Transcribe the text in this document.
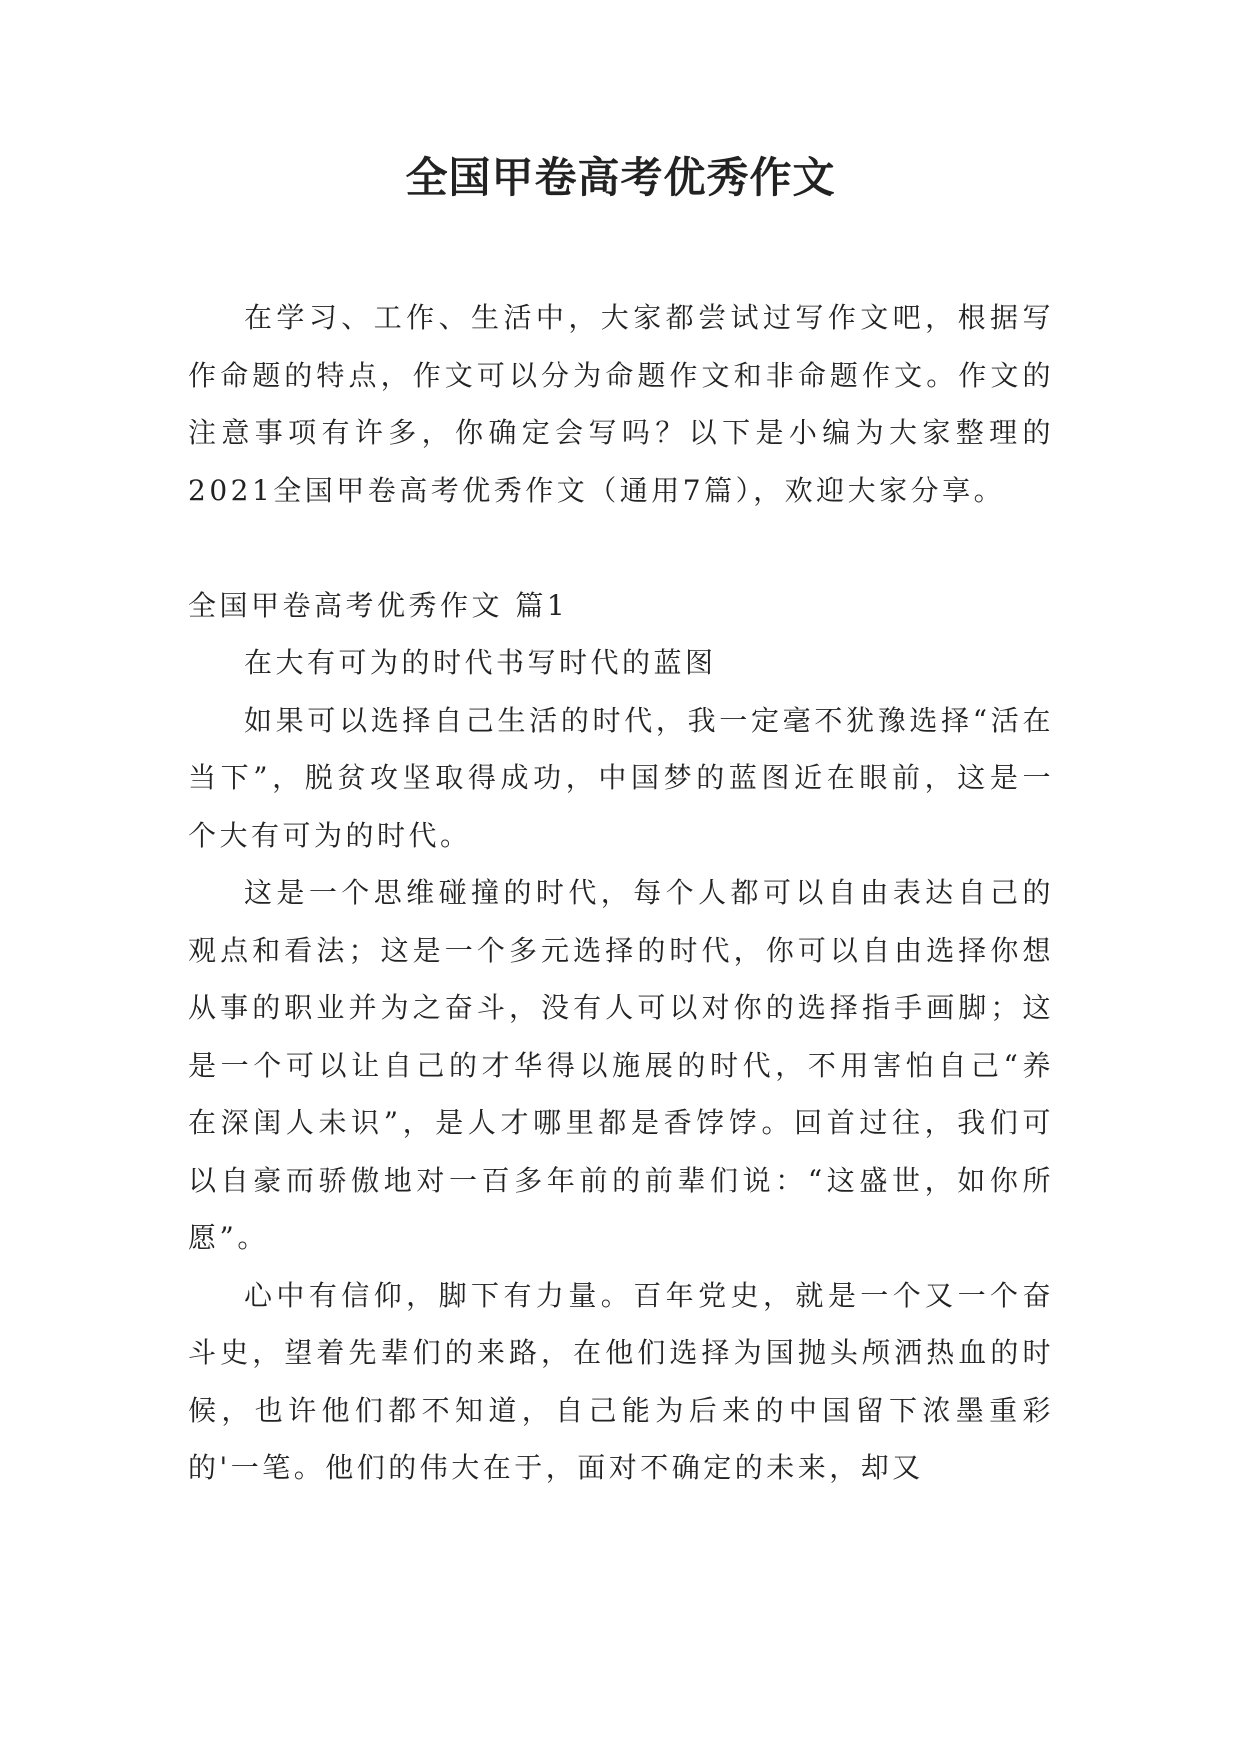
全国甲卷高考优秀作文

在学习、工作、生活中，大家都尝试过写作文吧，根据写作命题的特点，作文可以分为命题作文和非命题作文。作文的注意事项有许多，你确定会写吗？以下是小编为大家整理的2021全国甲卷高考优秀作文（通用7篇），欢迎大家分享。

全国甲卷高考优秀作文 篇1

在大有可为的时代书写时代的蓝图

如果可以选择自己生活的时代，我一定毫不犹豫选择“活在当下”，脱贫攻坚取得成功，中国梦的蓝图近在眼前，这是一个大有可为的时代。

这是一个思维碰撞的时代，每个人都可以自由表达自己的观点和看法；这是一个多元选择的时代，你可以自由选择你想从事的职业并为之奋斗，没有人可以对你的选择指手画脚；这是一个可以让自己的才华得以施展的时代，不用害怕自己“养在深闺人未识”，是人才哪里都是香饽饽。回首过往，我们可以自豪而骄傲地对一百多年前的前辈们说：“这盛世，如你所愿”。

心中有信仰，脚下有力量。百年党史，就是一个又一个奋斗史，望着先辈们的来路，在他们选择为国抛头颅洒热血的时候，也许他们都不知道，自己能为后来的中国留下浓墨重彩的'一笔。他们的伟大在于，面对不确定的未来，却又
